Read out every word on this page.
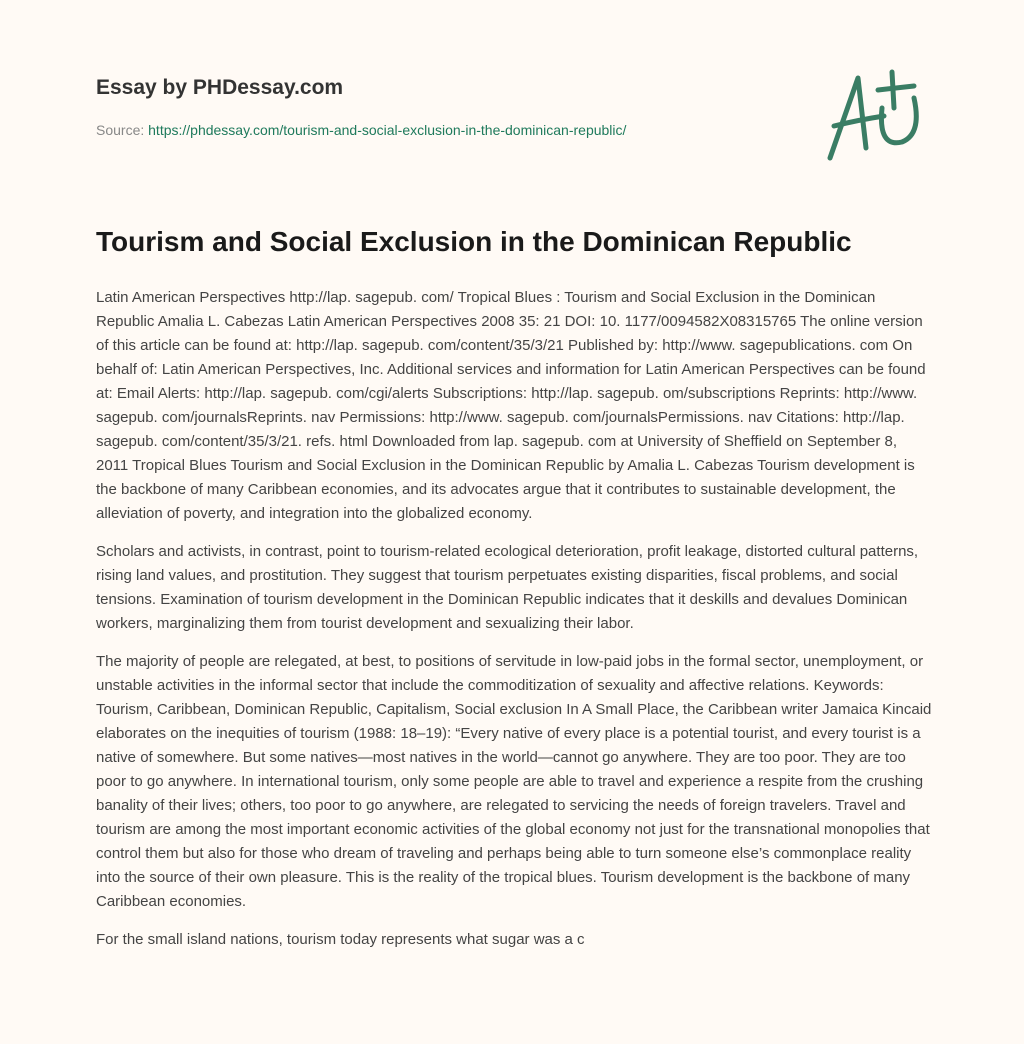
Essay by PHDessay.com
Source: https://phdessay.com/tourism-and-social-exclusion-in-the-dominican-republic/
Tourism and Social Exclusion in the Dominican Republic

Latin American Perspectives http://lap. sagepub. com/ Tropical Blues : Tourism and Social Exclusion in the Dominican Republic Amalia L. Cabezas Latin American Perspectives 2008 35: 21 DOI: 10. 1177/0094582X08315765 The online version of this article can be found at: http://lap. sagepub. com/content/35/3/21 Published by: http://www. sagepublications. com On behalf of: Latin American Perspectives, Inc. Additional services and information for Latin American Perspectives can be found at: Email Alerts: http://lap. sagepub. com/cgi/alerts Subscriptions: http://lap. sagepub. om/subscriptions Reprints: http://www. sagepub. com/journalsReprints. nav Permissions: http://www. sagepub. com/journalsPermissions. nav Citations: http://lap. sagepub. com/content/35/3/21. refs. html Downloaded from lap. sagepub. com at University of Sheffield on September 8, 2011 Tropical Blues Tourism and Social Exclusion in the Dominican Republic by Amalia L. Cabezas Tourism development is the backbone of many Caribbean economies, and its advocates argue that it contributes to sustainable development, the alleviation of poverty, and integration into the globalized economy.

Scholars and activists, in contrast, point to tourism-related ecological deterioration, profit leakage, distorted cultural patterns, rising land values, and prostitution. They suggest that tourism perpetuates existing disparities, fiscal problems, and social tensions. Examination of tourism development in the Dominican Republic indicates that it deskills and devalues Dominican workers, marginalizing them from tourist development and sexualizing their labor.

The majority of people are relegated, at best, to positions of servitude in low-paid jobs in the formal sector, unemployment, or unstable activities in the informal sector that include the commoditization of sexuality and affective relations. Keywords: Tourism, Caribbean, Dominican Republic, Capitalism, Social exclusion In A Small Place, the Caribbean writer Jamaica Kincaid elaborates on the inequities of tourism (1988: 18–19): “Every native of every place is a potential tourist, and every tourist is a native of somewhere. But some natives—most natives in the world—cannot go anywhere. They are too poor. They are too poor to go anywhere. In international tourism, only some people are able to travel and experience a respite from the crushing banality of their lives; others, too poor to go anywhere, are relegated to servicing the needs of foreign travelers. Travel and tourism are among the most important economic activities of the global economy not just for the transnational monopolies that control them but also for those who dream of traveling and perhaps being able to turn someone else’s commonplace reality into the source of their own pleasure. This is the reality of the tropical blues. Tourism development is the backbone of many Caribbean economies.

For the small island nations, tourism today represents what sugar was a c
